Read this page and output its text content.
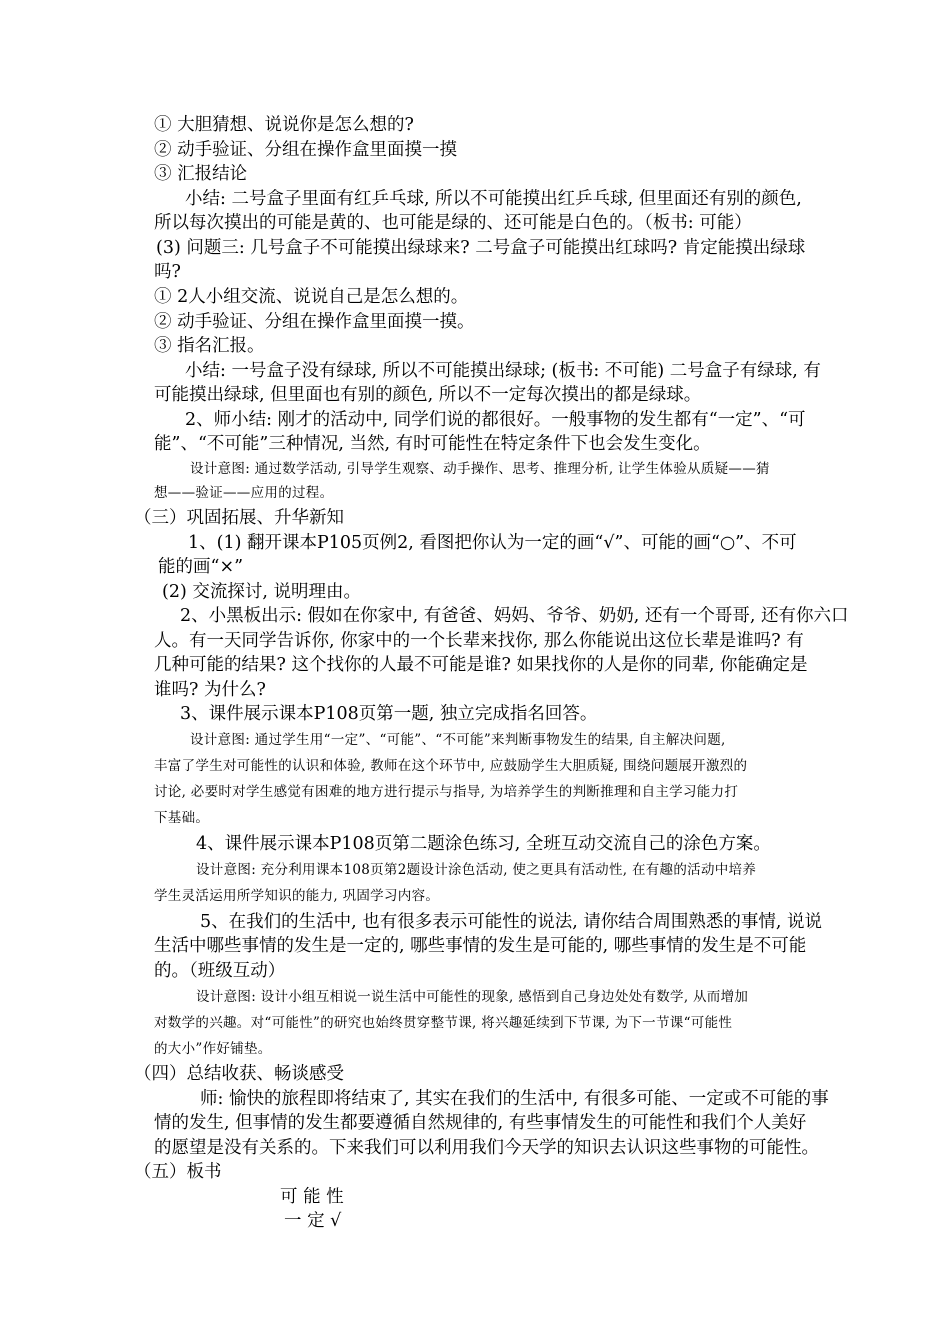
① 大胆猜想、说说你是怎么想的?
② 动手验证、分组在操作盒里面摸一摸
③ 汇报结论
小结: 二号盒子里面有红乒乓球, 所以不可能摸出红乒乓球, 但里面还有别的颜色,
所以每次摸出的可能是黄的、也可能是绿的、还可能是白色的。（板书: 可能）
(3) 问题三: 几号盒子不可能摸出绿球来? 二号盒子可能摸出红球吗? 肯定能摸出绿球
吗?
① 2人小组交流、说说自己是怎么想的。
② 动手验证、分组在操作盒里面摸一摸。
③ 指名汇报。
小结: 一号盒子没有绿球, 所以不可能摸出绿球; (板书: 不可能) 二号盒子有绿球, 有
可能摸出绿球, 但里面也有别的颜色, 所以不一定每次摸出的都是绿球。
2、师小结: 刚才的活动中, 同学们说的都很好。一般事物的发生都有“一定”、“可
能”、“不可能”三种情况, 当然, 有时可能性在特定条件下也会发生变化。
设计意图: 通过数学活动, 引导学生观察、动手操作、思考、推理分析, 让学生体验从质疑——猜
想——验证——应用的过程。
（三）巩固拓展、升华新知
1、(1) 翻开课本P105页例2, 看图把你认为一定的画“√”、可能的画“○”、不可
能的画“×”
(2) 交流探讨, 说明理由。
2、小黑板出示: 假如在你家中, 有爸爸、妈妈、爷爷、奶奶, 还有一个哥哥, 还有你六口
人。有一天同学告诉你, 你家中的一个长辈来找你, 那么你能说出这位长辈是谁吗? 有
几种可能的结果? 这个找你的人最不可能是谁? 如果找你的人是你的同辈, 你能确定是
谁吗? 为什么?
3、课件展示课本P108页第一题, 独立完成指名回答。
设计意图: 通过学生用“一定”、“可能”、“不可能”来判断事物发生的结果, 自主解决问题,
丰富了学生对可能性的认识和体验, 教师在这个环节中, 应鼓励学生大胆质疑, 围绕问题展开激烈的
讨论, 必要时对学生感觉有困难的地方进行提示与指导, 为培养学生的判断推理和自主学习能力打
下基础。
4、课件展示课本P108页第二题涂色练习, 全班互动交流自己的涂色方案。
设计意图: 充分利用课本108页第2题设计涂色活动, 使之更具有活动性, 在有趣的活动中培养
学生灵活运用所学知识的能力, 巩固学习内容。
5、在我们的生活中, 也有很多表示可能性的说法, 请你结合周围熟悉的事情, 说说
生活中哪些事情的发生是一定的, 哪些事情的发生是可能的, 哪些事情的发生是不可能
的。（班级互动）
设计意图: 设计小组互相说一说生活中可能性的现象, 感悟到自己身边处处有数学, 从而增加
对数学的兴趣。对“可能性”的研究也始终贯穿整节课, 将兴趣延续到下节课, 为下一节课“可能性
的大小”作好铺垫。
（四）总结收获、畅谈感受
师: 愉快的旅程即将结束了, 其实在我们的生活中, 有很多可能、一定或不可能的事
情的发生, 但事情的发生都要遵循自然规律的, 有些事情发生的可能性和我们个人美好
的愿望是没有关系的。下来我们可以利用我们今天学的知识去认识这些事物的可能性。
（五）板书
可 能 性
一 定 √
